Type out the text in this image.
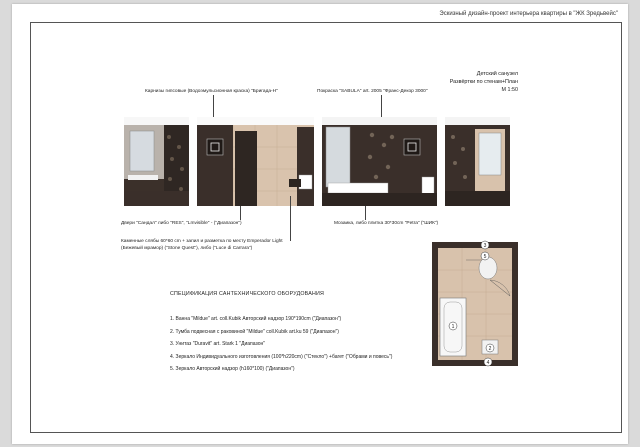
Эскизный дизайн-проект интерьера квартиры в "ЖК Зредьвейс"
Детский санузел
Развёртки по стенам+План
М 1:50
Карнизы гипсовые (Водоэмульсионная краска) "Бригада-Н"	Покраска "SABULA" art. 2005 "Франс-Декор 3000"
Двери "Сандал" либо "RES", "Lmvisible" - ("Диапазон")	Мозаика, либо плитка 30*30cm "Petra" ("ШИК")
Каменные слябы 60*60 cm + запил и разметка по месту Emperador Light
(Бежевый мрамор) ("Stone Quest"), либо ("Luce di Carrara")	3
5
1
2
4
СПЕЦИФИКАЦИЯ САНТЕХНИЧЕСКОГО ОБОРУДОВАНИЯ
1. Ванна "Mildue" art. coll.Kubik Авторский надзор 190*190cm ("Диапазон")
2. Тумба подвесная с раковиной "Mildue" coll.Kubik art.ku 59 ("Диапазон")
3. Унитаз "Duravit" art. Stark 1 "Диапазон"
4. Зеркало Индивидуального изготовления (100*h220cm) ("Стекло") +багет ("Обрами и повесь")
5. Зеркало Авторский надзор (h160*100) ("Диапазон")
